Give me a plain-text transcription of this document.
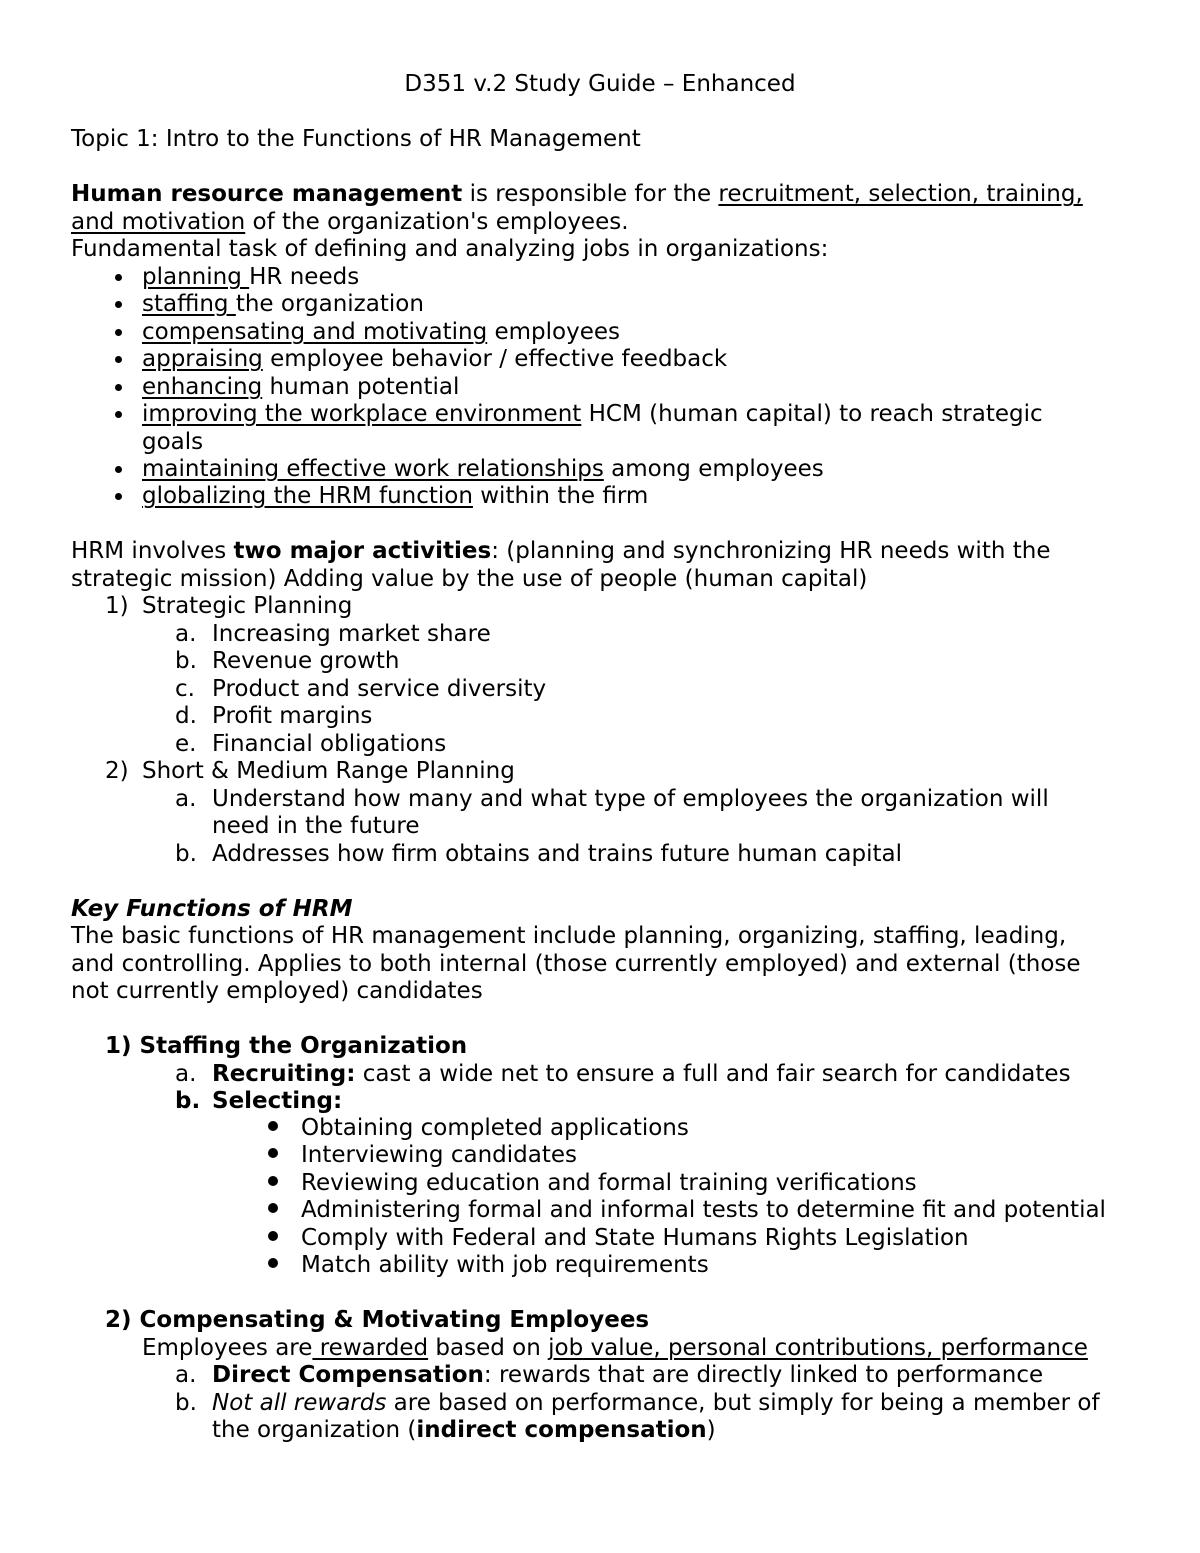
D351 v.2 Study Guide – Enhanced
Topic 1: Intro to the Functions of HR Management
Human resource management is responsible for the recruitment, selection, training,
and motivation of the organization's employees.
Fundamental task of defining and analyzing jobs in organizations:
planning HR needs
staffing the organization
compensating and motivating employees
appraising employee behavior / effective feedback
enhancing human potential
improving the workplace environment HCM (human capital) to reach strategic
goals
maintaining effective work relationships among employees
globalizing the HRM function within the firm
HRM involves two major activities: (planning and synchronizing HR needs with the
strategic mission) Adding value by the use of people (human capital)
1) Strategic Planning
a. Increasing market share
b. Revenue growth
c. Product and service diversity
d. Profit margins
e. Financial obligations
2) Short & Medium Range Planning
a. Understand how many and what type of employees the organization will
need in the future
b. Addresses how firm obtains and trains future human capital
Key Functions of HRM
The basic functions of HR management include planning, organizing, staffing, leading,
and controlling. Applies to both internal (those currently employed) and external (those
not currently employed) candidates
1) Staffing the Organization
a. Recruiting: cast a wide net to ensure a full and fair search for candidates
b. Selecting:
Obtaining completed applications
Interviewing candidates
Reviewing education and formal training verifications
Administering formal and informal tests to determine fit and potential
Comply with Federal and State Humans Rights Legislation
Match ability with job requirements
2) Compensating & Motivating Employees
Employees are rewarded based on job value, personal contributions, performance
a. Direct Compensation: rewards that are directly linked to performance
b. Not all rewards are based on performance, but simply for being a member of
the organization (indirect compensation)
